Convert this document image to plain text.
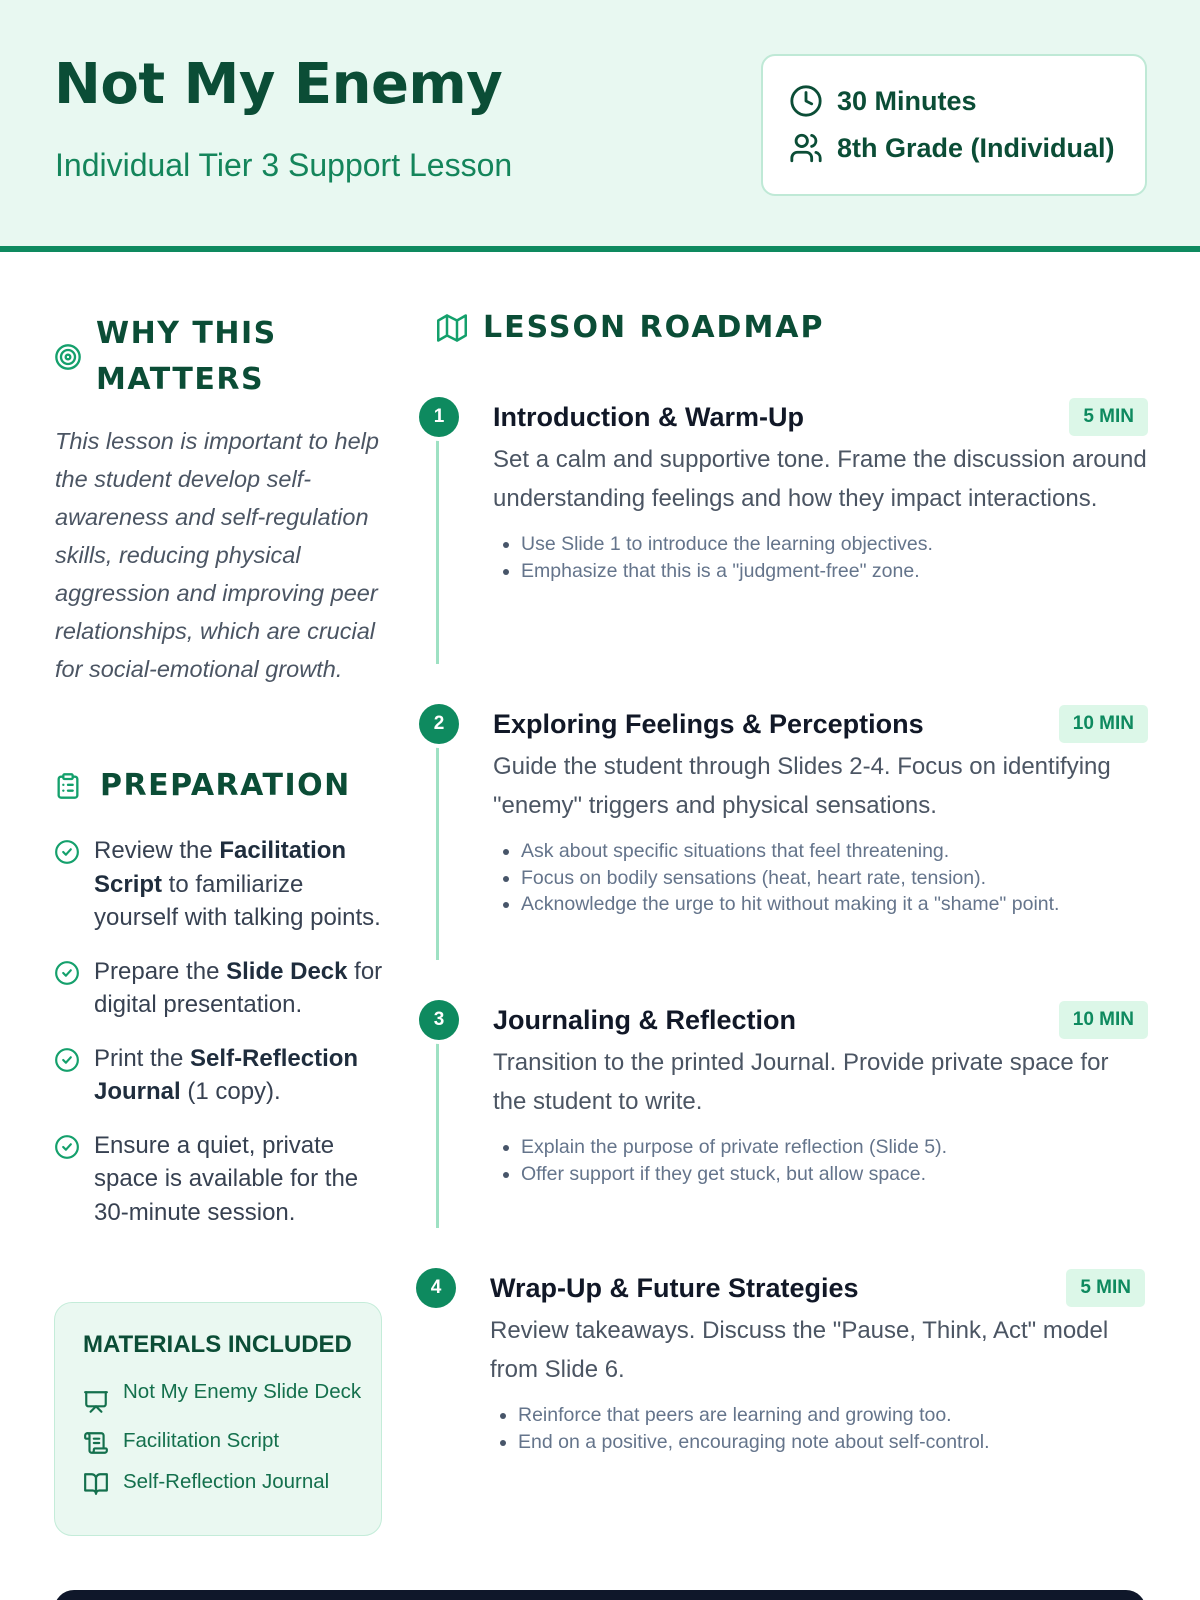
Not My Enemy
Individual Tier 3 Support Lesson
30 Minutes
8th Grade (Individual)
WHY THIS MATTERS

This lesson is important to help the student develop self-awareness and self-regulation skills, reducing physical aggression and improving peer relationships, which are crucial for social-emotional growth.

PREPARATION
Review the Facilitation Script to familiarize yourself with talking points.
Prepare the Slide Deck for digital presentation.
Print the Self-Reflection Journal (1 copy).
Ensure a quiet, private space is available for the 30-minute session.
MATERIALS INCLUDED
Not My Enemy Slide Deck
Facilitation Script
Self-Reflection Journal
LESSON ROADMAP
1	Introduction & Warm-Up	5 MIN

Set a calm and supportive tone. Frame the discussion around understanding feelings and how they impact interactions.

• Use Slide 1 to introduce the learning objectives.
• Emphasize that this is a "judgment-free" zone.
2	Exploring Feelings & Perceptions	10 MIN

Guide the student through Slides 2-4. Focus on identifying "enemy" triggers and physical sensations.

• Ask about specific situations that feel threatening.
• Focus on bodily sensations (heat, heart rate, tension).
• Acknowledge the urge to hit without making it a "shame" point.
3	Journaling & Reflection	10 MIN

Transition to the printed Journal. Provide private space for the student to write.

• Explain the purpose of private reflection (Slide 5).
• Offer support if they get stuck, but allow space.
4	Wrap-Up & Future Strategies	5 MIN

Review takeaways. Discuss the "Pause, Think, Act" model from Slide 6.

• Reinforce that peers are learning and growing too.
• End on a positive, encouraging note about self-control.
